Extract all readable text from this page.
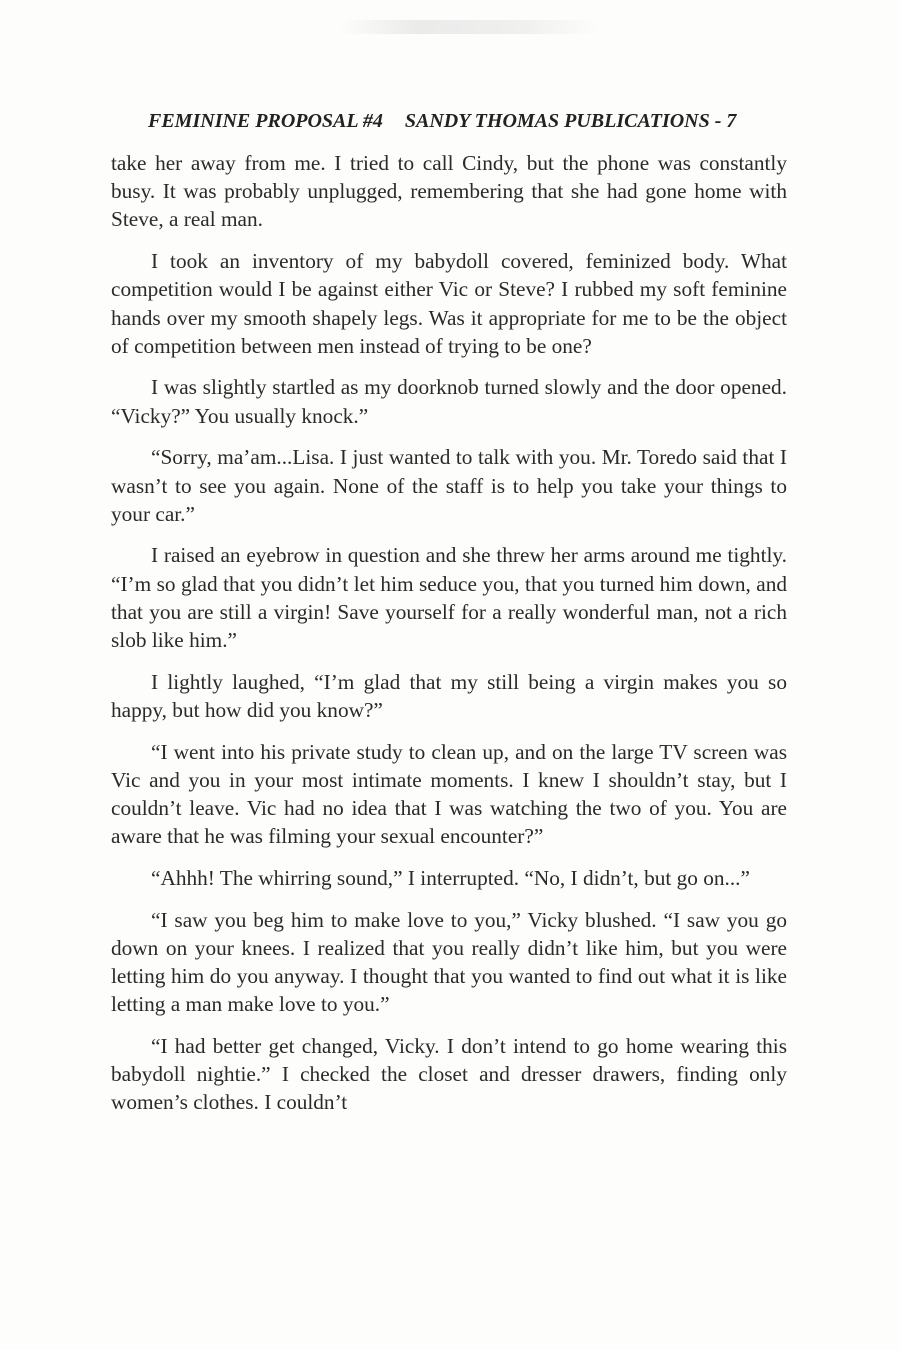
FEMININE PROPOSAL #4 SANDY THOMAS PUBLICATIONS - 7

take her away from me. I tried to call Cindy, but the phone was constantly busy. It was probably unplugged, remembering that she had gone home with Steve, a real man.

I took an inventory of my babydoll covered, feminized body. What competition would I be against either Vic or Steve? I rubbed my soft feminine hands over my smooth shapely legs. Was it appropriate for me to be the object of competition between men instead of trying to be one?

I was slightly startled as my doorknob turned slowly and the door opened. “Vicky?” You usually knock.”

“Sorry, ma’am...Lisa. I just wanted to talk with you. Mr. Toredo said that I wasn’t to see you again. None of the staff is to help you take your things to your car.”

I raised an eyebrow in question and she threw her arms around me tightly. “I’m so glad that you didn’t let him seduce you, that you turned him down, and that you are still a virgin! Save yourself for a really wonderful man, not a rich slob like him.”

I lightly laughed, “I’m glad that my still being a virgin makes you so happy, but how did you know?”

“I went into his private study to clean up, and on the large TV screen was Vic and you in your most intimate moments. I knew I shouldn’t stay, but I couldn’t leave. Vic had no idea that I was watching the two of you. You are aware that he was filming your sexual encounter?”

“Ahhh! The whirring sound,” I interrupted. “No, I didn’t, but go on...”

“I saw you beg him to make love to you,” Vicky blushed. “I saw you go down on your knees. I realized that you really didn’t like him, but you were letting him do you anyway. I thought that you wanted to find out what it is like letting a man make love to you.”

“I had better get changed, Vicky. I don’t intend to go home wearing this babydoll nightie.” I checked the closet and dresser drawers, finding only women’s clothes. I couldn’t
